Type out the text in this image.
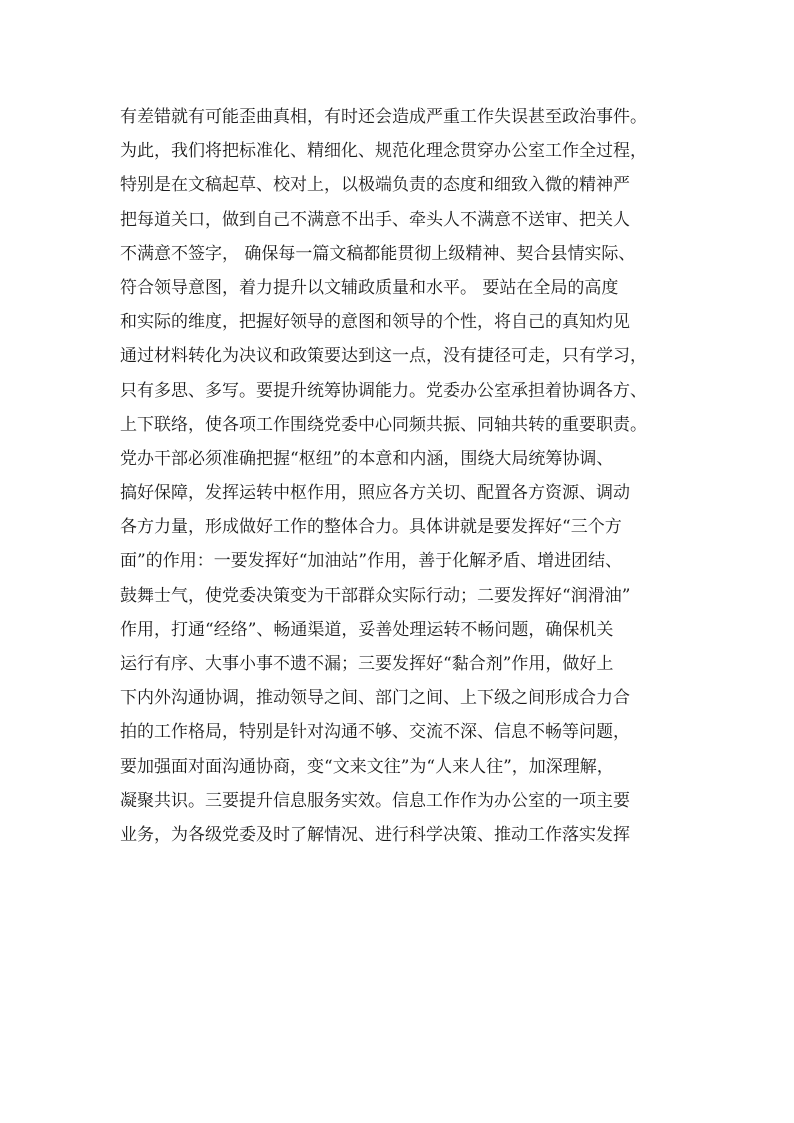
有差错就有可能歪曲真相，有时还会造成严重工作失误甚至政治事件。
为此，我们将把标准化、精细化、规范化理念贯穿办公室工作全过程，
特别是在文稿起草、校对上，以极端负责的态度和细致入微的精神严
把每道关口，做到自己不满意不出手、牵头人不满意不送审、把关人
不满意不签字， 确保每一篇文稿都能贯彻上级精神、契合县情实际、
符合领导意图，着力提升以文辅政质量和水平。 要站在全局的高度
和实际的维度，把握好领导的意图和领导的个性，将自己的真知灼见
通过材料转化为决议和政策要达到这一点，没有捷径可走，只有学习，
只有多思、多写。要提升统筹协调能力。党委办公室承担着协调各方、
上下联络，使各项工作围绕党委中心同频共振、同轴共转的重要职责。
党办干部必须准确把握“枢纽”的本意和内涵，围绕大局统筹协调、
搞好保障，发挥运转中枢作用，照应各方关切、配置各方资源、调动
各方力量，形成做好工作的整体合力。具体讲就是要发挥好“三个方
面”的作用：一要发挥好“加油站”作用，善于化解矛盾、增进团结、
鼓舞士气，使党委决策变为干部群众实际行动；二要发挥好“润滑油”
作用，打通“经络”、畅通渠道，妥善处理运转不畅问题，确保机关
运行有序、大事小事不遗不漏；三要发挥好“黏合剂”作用，做好上
下内外沟通协调，推动领导之间、部门之间、上下级之间形成合力合
拍的工作格局，特别是针对沟通不够、交流不深、信息不畅等问题，
要加强面对面沟通协商，变“文来文往”为“人来人往”，加深理解，
凝聚共识。三要提升信息服务实效。信息工作作为办公室的一项主要
业务，为各级党委及时了解情况、进行科学决策、推动工作落实发挥
